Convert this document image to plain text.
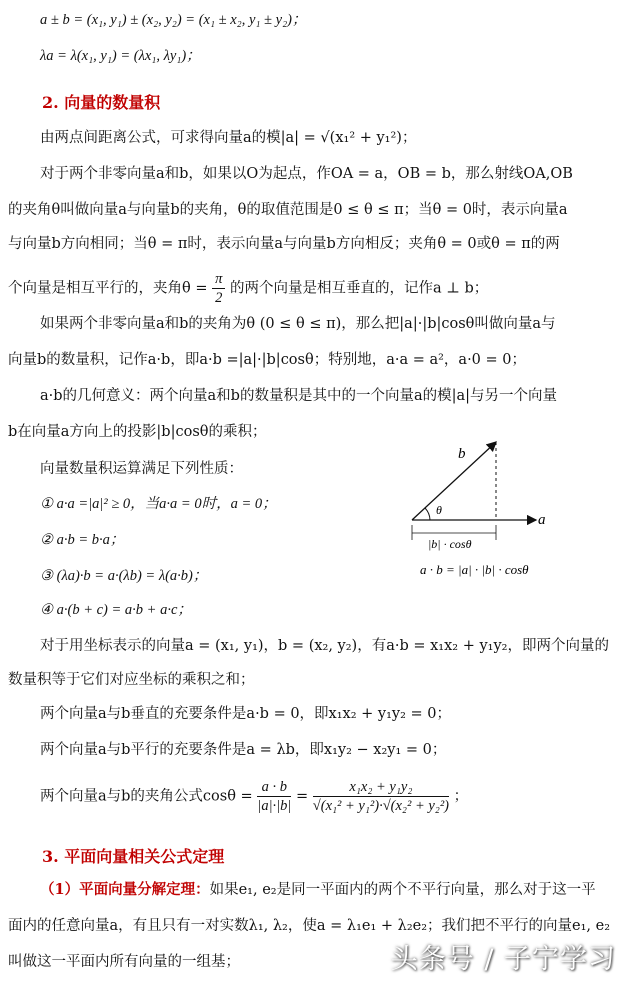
a ± b = (x₁, y₁) ± (x₂, y₂) = (x₁ ± x₂, y₁ ± y₂)；
λa = λ(x₁, y₁) = (λx₁, λy₁)；
2. 向量的数量积
由两点间距离公式，可求得向量a的模|a| = √(x₁² + y₁²)；
对于两个非零向量a和b，如果以O为起点，作OA = a，OB = b，那么射线OA,OB
的夹角θ叫做向量a与向量b的夹角，θ的取值范围是0 ≤ θ ≤ π；当θ = 0时，表示向量a
与向量b方向相同；当θ = π时，表示向量a与向量b方向相反；夹角θ = 0或θ = π的两
个向量是相互平行的，夹角$\theta = \frac{\pi}{2}$ 的两个向量是相互垂直的，记作a ⊥ b；
如果两个非零向量a和b的夹角为θ (0 ≤ θ ≤ π)，那么把|a|·|b|cosθ叫做向量a与
向量b的数量积，记作a·b，即a·b =|a|·|b|cosθ；特别地，a·a = a²，a·0 = 0；
a·b的几何意义：两个向量a和b的数量积是其中的一个向量a的模|a|与另一个向量
b在向量a方向上的投影|b|cosθ的乘积；
向量数量积运算满足下列性质：
① a·a =|a|² ≥ 0，当a·a = 0时，a = 0；
② a·b = b·a；
③ (λa)·b = a·(λb) = λ(a·b)；
④ a·(b + c) = a·b + a·c；
b
a
θ
|b| · cosθ
a · b = |a| · |b| · cosθ
对于用坐标表示的向量a = (x₁, y₁)，b = (x₂, y₂)，有a·b = x₁x₂ + y₁y₂，即两个向量的
数量积等于它们对应坐标的乘积之和；
两个向量a与b垂直的充要条件是a·b = 0，即x₁x₂ + y₁y₂ = 0；
两个向量a与b平行的充要条件是a = λb，即x₁y₂ − x₂y₁ = 0；
两个向量a与b的夹角公式$\cos\theta = \frac{a \cdot b}{|a|\cdot|b|} = \frac{\text{x₁x₂ + y₁y₂}}{\text{√(x₁² + y₁²)·√(x₂² + y₂²)}}$ ；
3. 平面向量相关公式定理
（1）平面向量分解定理：如果e₁, e₂是同一平面内的两个不平行向量，那么对于这一平
面内的任意向量a，有且只有一对实数λ₁, λ₂，使a = λ₁e₁ + λ₂e₂；我们把不平行的向量e₁, e₂
叫做这一平面内所有向量的一组基；	头条号 / 子宁学习
